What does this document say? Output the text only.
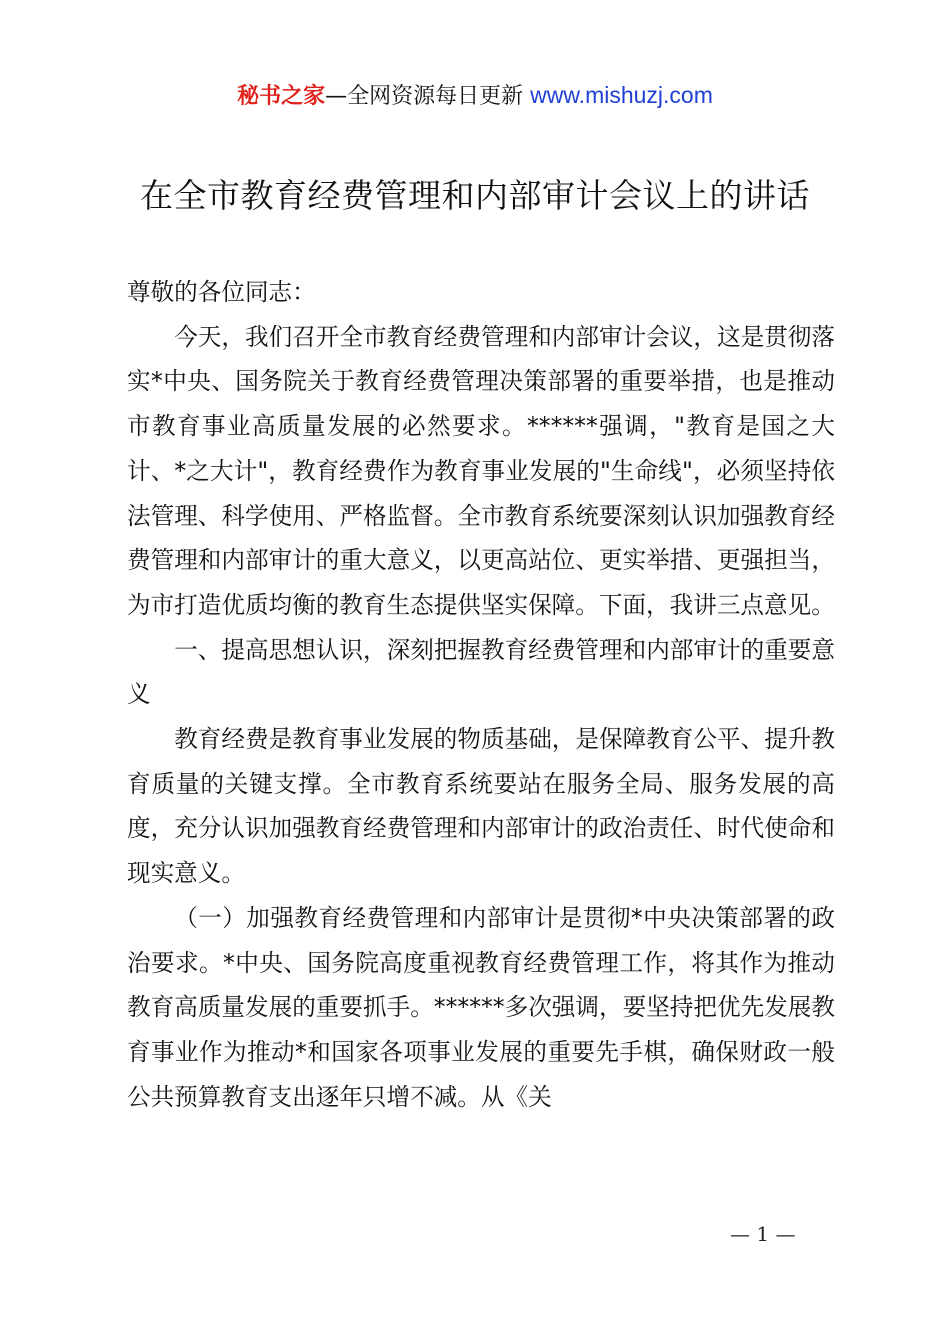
秘书之家—全网资源每日更新 www.mishuzj.com
在全市教育经费管理和内部审计会议上的讲话

尊敬的各位同志：

今天，我们召开全市教育经费管理和内部审计会议，这是贯彻落实*中央、国务院关于教育经费管理决策部署的重要举措，也是推动市教育事业高质量发展的必然要求。******强调，"教育是国之大计、*之大计"，教育经费作为教育事业发展的"生命线"，必须坚持依法管理、科学使用、严格监督。全市教育系统要深刻认识加强教育经费管理和内部审计的重大意义，以更高站位、更实举措、更强担当，为市打造优质均衡的教育生态提供坚实保障。下面，我讲三点意见。

一、提高思想认识，深刻把握教育经费管理和内部审计的重要意义

教育经费是教育事业发展的物质基础，是保障教育公平、提升教育质量的关键支撑。全市教育系统要站在服务全局、服务发展的高度，充分认识加强教育经费管理和内部审计的政治责任、时代使命和现实意义。

（一）加强教育经费管理和内部审计是贯彻*中央决策部署的政治要求。*中央、国务院高度重视教育经费管理工作，将其作为推动教育高质量发展的重要抓手。******多次强调，要坚持把优先发展教育事业作为推动*和国家各项事业发展的重要先手棋，确保财政一般公共预算教育支出逐年只增不减。从《关

— 1 —
